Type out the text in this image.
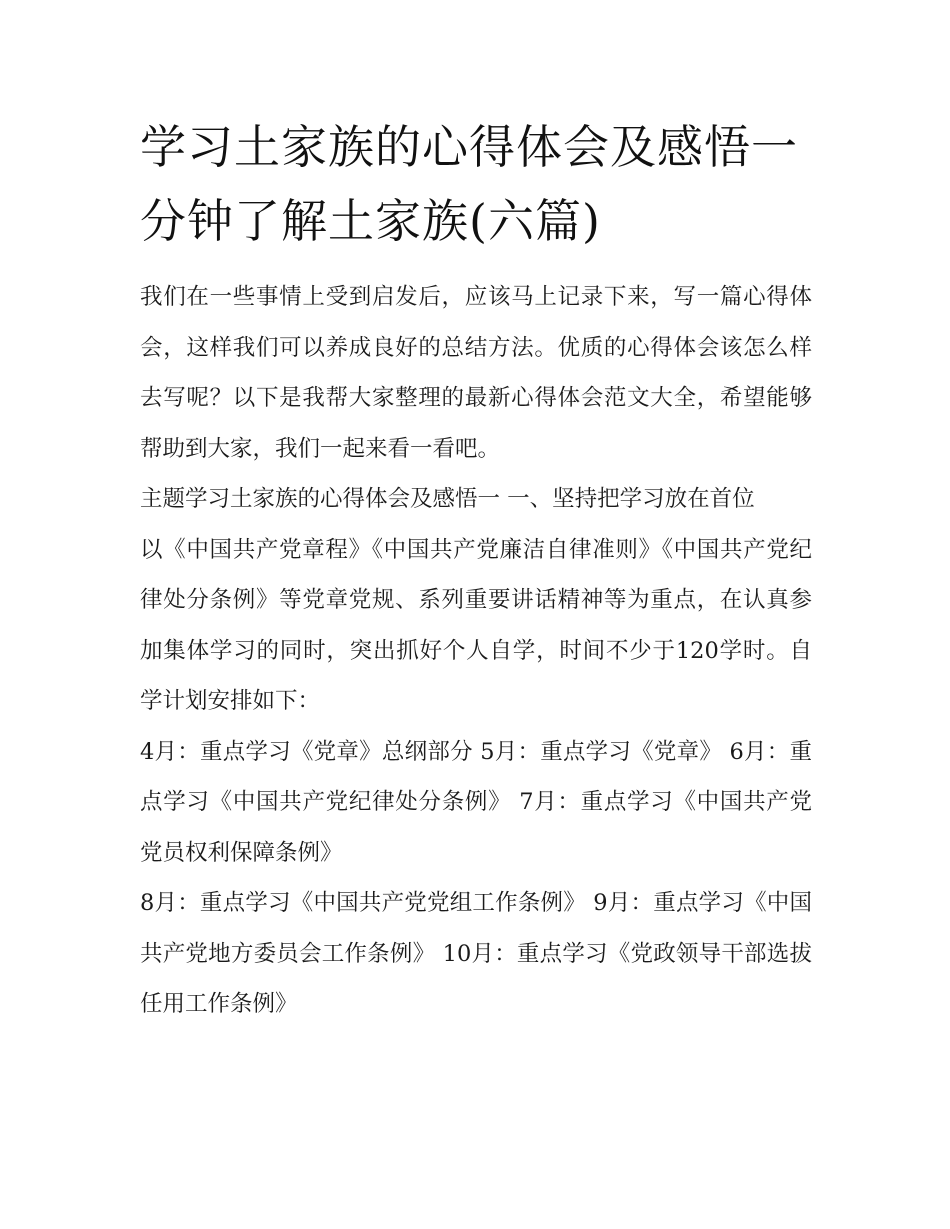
学习土家族的心得体会及感悟一分钟了解土家族(六篇)

我们在一些事情上受到启发后，应该马上记录下来，写一篇心得体会，这样我们可以养成良好的总结方法。优质的心得体会该怎么样去写呢？以下是我帮大家整理的最新心得体会范文大全，希望能够帮助到大家，我们一起来看一看吧。

主题学习土家族的心得体会及感悟一 一、坚持把学习放在首位

以《中国共产党章程》《中国共产党廉洁自律准则》《中国共产党纪律处分条例》等党章党规、系列重要讲话精神等为重点，在认真参加集体学习的同时，突出抓好个人自学，时间不少于120学时。自学计划安排如下：

4月：重点学习《党章》总纲部分 5月：重点学习《党章》 6月：重点学习《中国共产党纪律处分条例》 7月：重点学习《中国共产党党员权利保障条例》

8月：重点学习《中国共产党党组工作条例》 9月：重点学习《中国共产党地方委员会工作条例》 10月：重点学习《党政领导干部选拔任用工作条例》
